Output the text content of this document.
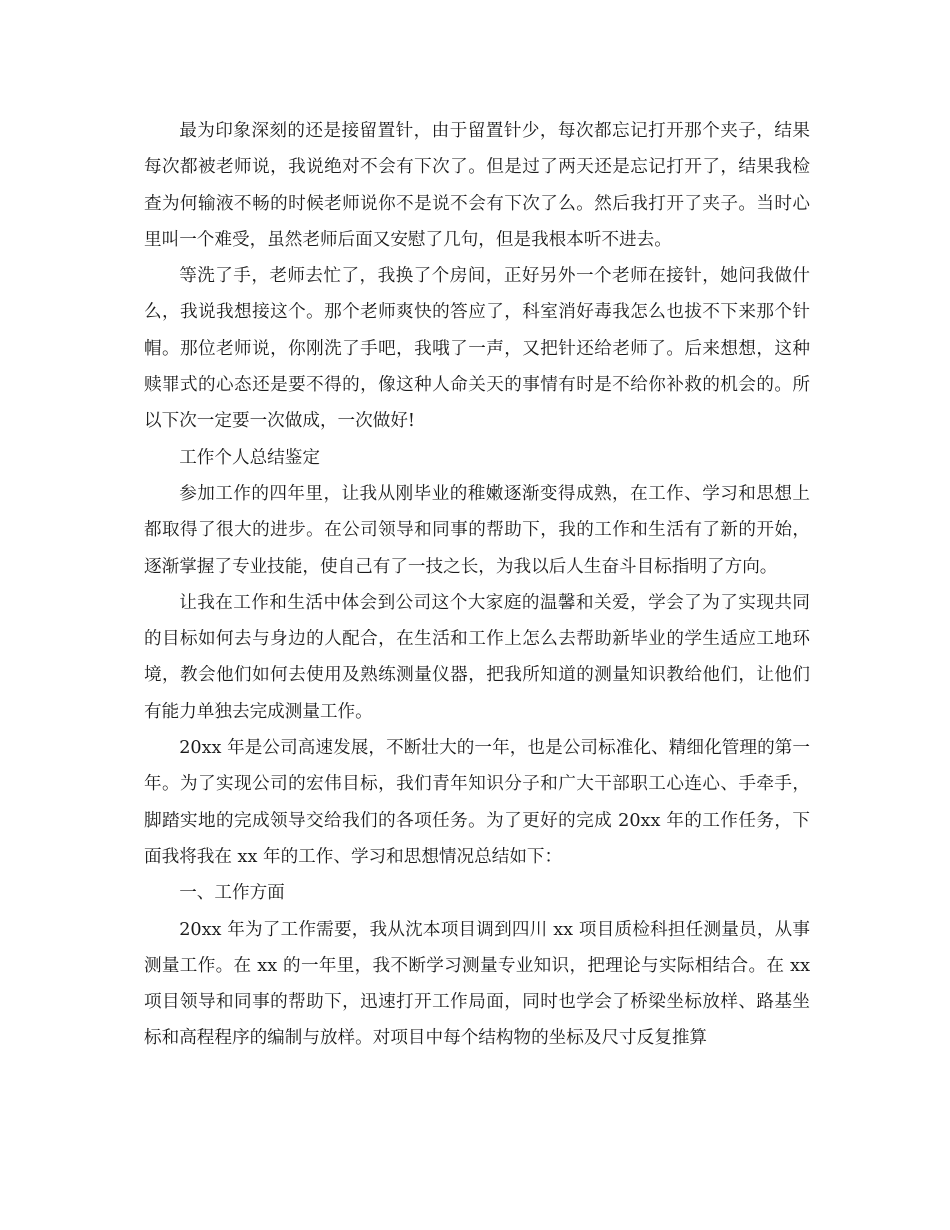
最为印象深刻的还是接留置针，由于留置针少，每次都忘记打开那个夹子，结果每次都被老师说，我说绝对不会有下次了。但是过了两天还是忘记打开了，结果我检查为何输液不畅的时候老师说你不是说不会有下次了么。然后我打开了夹子。当时心里叫一个难受，虽然老师后面又安慰了几句，但是我根本听不进去。

等洗了手，老师去忙了，我换了个房间，正好另外一个老师在接针，她问我做什么，我说我想接这个。那个老师爽快的答应了，科室消好毒我怎么也拔不下来那个针帽。那位老师说，你刚洗了手吧，我哦了一声，又把针还给老师了。后来想想，这种赎罪式的心态还是要不得的，像这种人命关天的事情有时是不给你补救的机会的。所以下次一定要一次做成，一次做好!

工作个人总结鉴定

参加工作的四年里，让我从刚毕业的稚嫩逐渐变得成熟，在工作、学习和思想上都取得了很大的进步。在公司领导和同事的帮助下，我的工作和生活有了新的开始，逐渐掌握了专业技能，使自己有了一技之长，为我以后人生奋斗目标指明了方向。

让我在工作和生活中体会到公司这个大家庭的温馨和关爱，学会了为了实现共同的目标如何去与身边的人配合，在生活和工作上怎么去帮助新毕业的学生适应工地环境，教会他们如何去使用及熟练测量仪器，把我所知道的测量知识教给他们，让他们有能力单独去完成测量工作。

20xx 年是公司高速发展，不断壮大的一年，也是公司标准化、精细化管理的第一年。为了实现公司的宏伟目标，我们青年知识分子和广大干部职工心连心、手牵手，脚踏实地的完成领导交给我们的各项任务。为了更好的完成 20xx 年的工作任务，下面我将我在 xx 年的工作、学习和思想情况总结如下：

一、工作方面

20xx 年为了工作需要，我从沈本项目调到四川 xx 项目质检科担任测量员，从事测量工作。在 xx 的一年里，我不断学习测量专业知识，把理论与实际相结合。在 xx 项目领导和同事的帮助下，迅速打开工作局面，同时也学会了桥梁坐标放样、路基坐标和高程程序的编制与放样。对项目中每个结构物的坐标及尺寸反复推算
